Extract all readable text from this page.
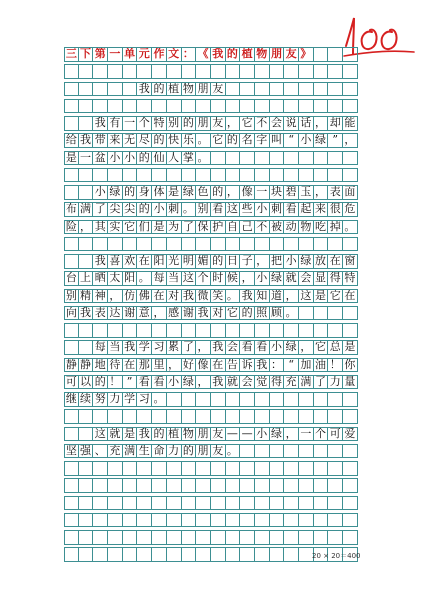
三 下 第 一 单 元 作 文 ： 《 我 的 植 物 朋 友 》
我 的 植 物 朋 友
我 有 一 个 特 别 的 朋 友 ， 它 不 会 说 话 ， 却 能
给 我 带 来 无 尽 的 快 乐 。 它 的 名 字 叫 “ 小 绿 ” ，
是 一 盆 小 小 的 仙 人 掌 。
小 绿 的 身 体 是 绿 色 的 ， 像 一 块 碧 玉 ， 表 面
布 满 了 尖 尖 的 小 刺 。 别 看 这 些 小 刺 看 起 来 很 危
险 ， 其 实 它 们 是 为 了 保 护 自 己 不 被 动 物 吃 掉 。
我 喜 欢 在 阳 光 明 媚 的 日 子 ， 把 小 绿 放 在 窗
台 上 晒 太 阳 。 每 当 这 个 时 候 ， 小 绿 就 会 显 得 特
别 精 神 ， 仿 佛 在 对 我 微 笑 。 我 知 道 ， 这 是 它 在
向 我 表 达 谢 意 ， 感 谢 我 对 它 的 照 顾 。
每 当 我 学 习 累 了 ， 我 会 看 看 小 绿 ， 它 总 是
静 静 地 待 在 那 里 ， 好 像 在 告 诉 我 ： “ 加 油 ！ 你
可 以 的 ！ ” 看 看 小 绿 ， 我 就 会 觉 得 充 满 了 力 量
继 续 努 力 学 习 。
这 就 是 我 的 植 物 朋 友 — — 小 绿 ， 一 个 可 爱
坚 强 、 充 满 生 命 力 的 朋 友 。
20 × 20＝400
